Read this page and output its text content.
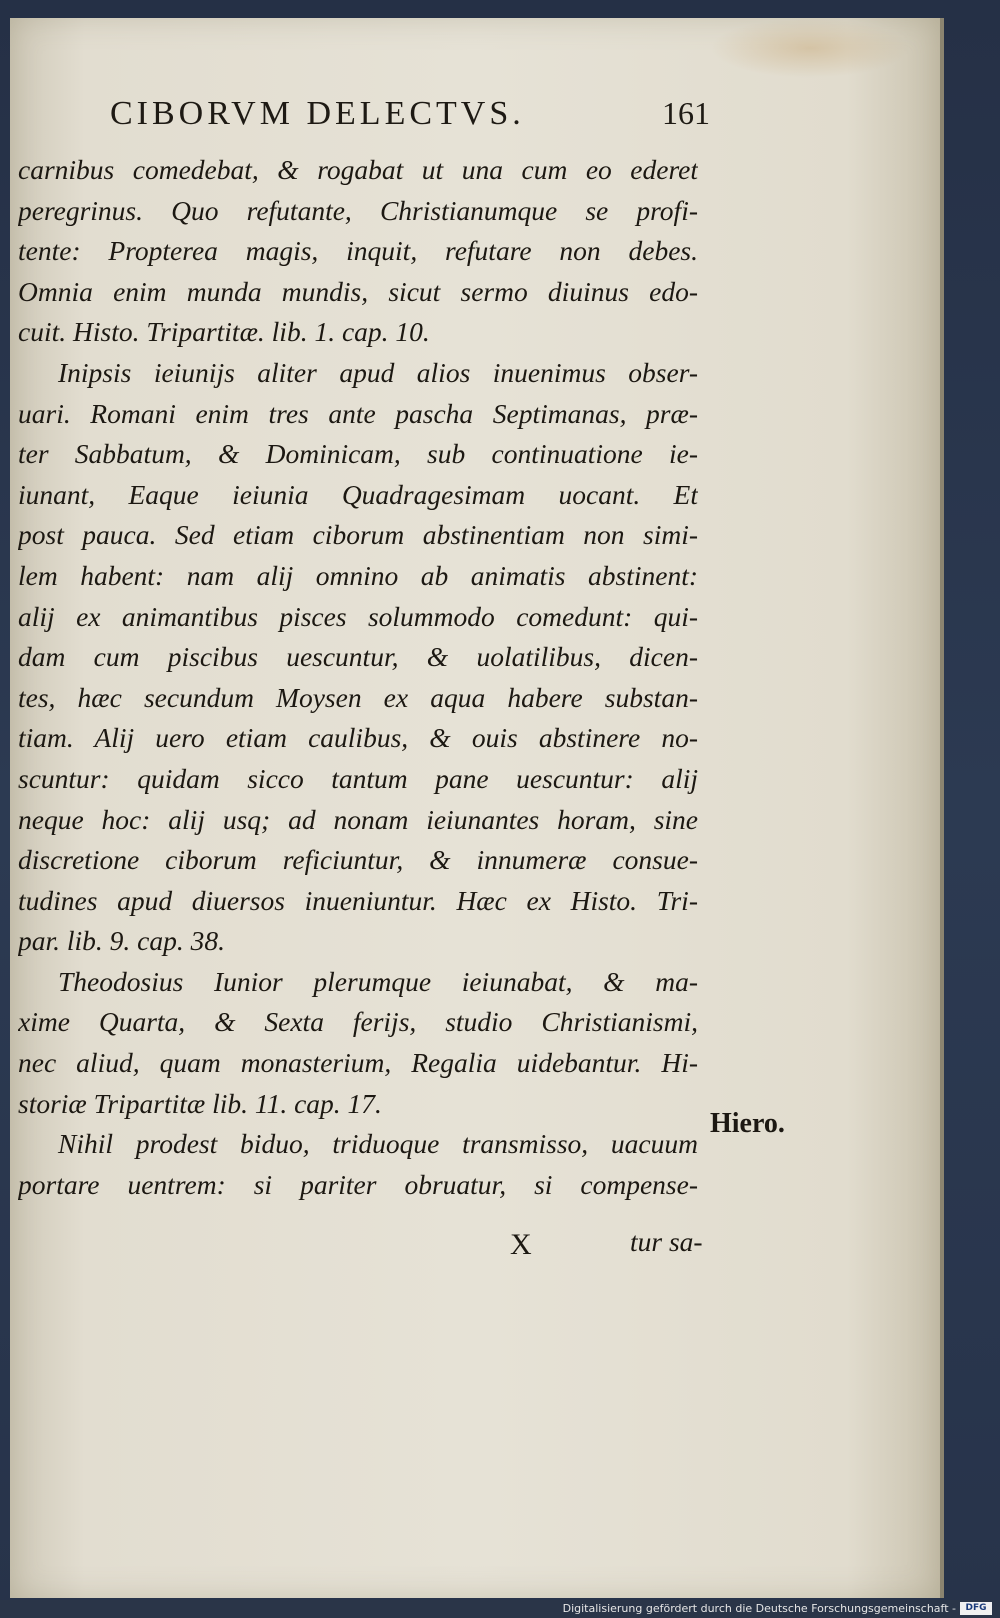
CIBORVM DELECTVS.	161
carnibus comedebat, & rogabat ut una cum eo ederet
peregrinus. Quo refutante, Christianumque se profi-
tente: Propterea magis, inquit, refutare non debes.
Omnia enim munda mundis, sicut sermo diuinus edo-
cuit. Histo. Tripartitæ. lib. 1. cap. 10.
Inipsis ieiunijs aliter apud alios inuenimus obser-
uari. Romani enim tres ante pascha Septimanas, præ-
ter Sabbatum, & Dominicam, sub continuatione ie-
iunant, Eaque ieiunia Quadragesimam uocant. Et
post pauca. Sed etiam ciborum abstinentiam non simi-
lem habent: nam alij omnino ab animatis abstinent:
alij ex animantibus pisces solummodo comedunt: qui-
dam cum piscibus uescuntur, & uolatilibus, dicen-
tes, hæc secundum Moysen ex aqua habere substan-
tiam. Alij uero etiam caulibus, & ouis abstinere no-
scuntur: quidam sicco tantum pane uescuntur: alij
neque hoc: alij usq; ad nonam ieiunantes horam, sine
discretione ciborum reficiuntur, & innumeræ consue-
tudines apud diuersos inueniuntur. Hæc ex Histo. Tri-
par. lib. 9. cap. 38.
Theodosius Iunior plerumque ieiunabat, & ma-
xime Quarta, & Sexta ferijs, studio Christianismi,
nec aliud, quam monasterium, Regalia uidebantur. Hi-
storiæ Tripartitæ lib. 11. cap. 17.
Nihil prodest biduo, triduoque transmisso, uacuum
portare uentrem: si pariter obruatur, si compense-
Hiero.
X	tur sa-
Digitalisierung gefördert durch die Deutsche Forschungsgemeinschaft -	DFG
